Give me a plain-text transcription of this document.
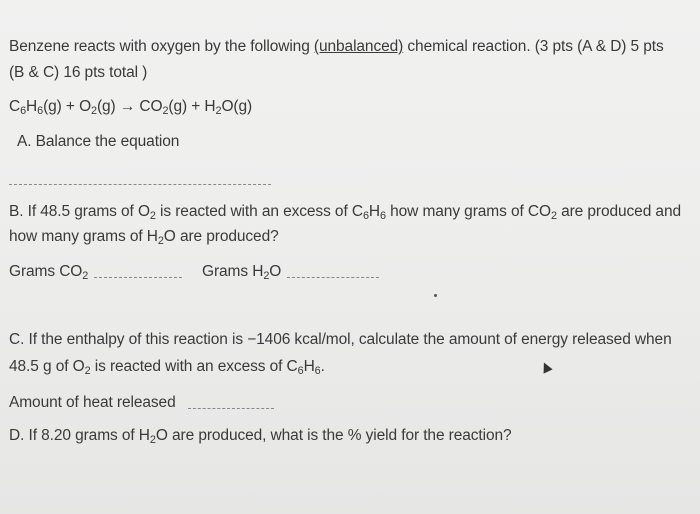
Benzene reacts with oxygen by the following (unbalanced) chemical reaction. (3 pts (A & D) 5 pts
(B & C) 16 pts total )
$C_6H_6(g) + O_2(g) \to CO_2(g) + H_2O(g)$
A. Balance the equation
B. If 48.5 grams of $O_2$ is reacted with an excess of $C_6H_6$ how many grams of $CO_2$ are produced and
how many grams of $H_2O$ are produced?
Grams $CO_2$	Grams $H_2O$
C. If the enthalpy of this reaction is −1406 kcal/mol, calculate the amount of energy released when
48.5 g of $O_2$ is reacted with an excess of $C_6H_6$.
Amount of heat released
D. If 8.20 grams of $H_2O$ are produced, what is the % yield for the reaction?
